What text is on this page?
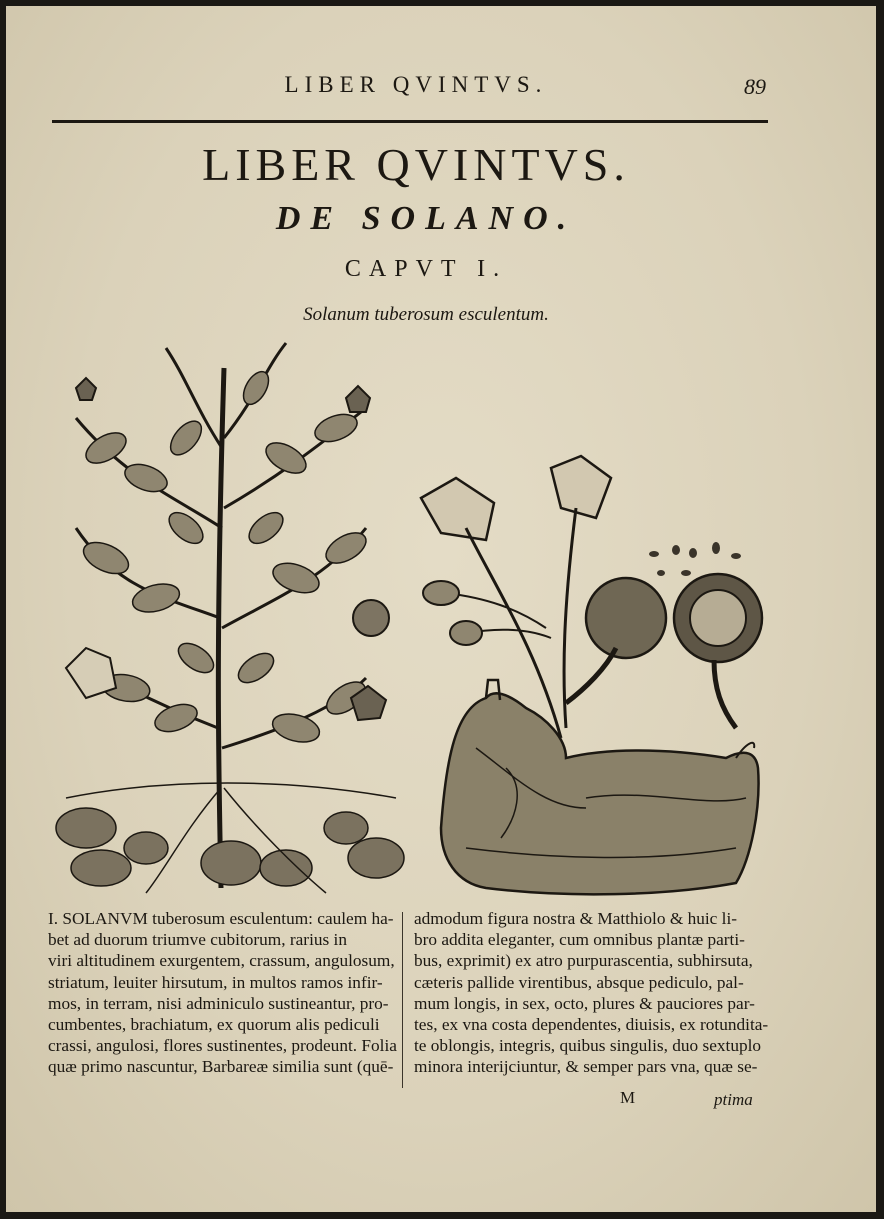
LIBER QVINTVS.	89
LIBER QVINTVS.
DE SOLANO.
CAPVT I.
Solanum tuberosum esculentum.
I. SOLANVM tuberosum esculentum: caulem ha-
bet ad duorum triumve cubitorum, rarius in
viri altitudinem exurgentem, crassum, angulosum,
striatum, leuiter hirsutum, in multos ramos infir-
mos, in terram, nisi adminiculo sustineantur, pro-
cumbentes, brachiatum, ex quorum alis pediculi
crassi, angulosi, flores sustinentes, prodeunt. Folia
quæ primo nascuntur, Barbareæ similia sunt (quē-
admodum figura nostra & Matthiolo & huic li-
bro addita eleganter, cum omnibus plantæ parti-
bus, exprimit) ex atro purpurascentia, subhirsuta,
cæteris pallide virentibus, absque pediculo, pal-
mum longis, in sex, octo, plures & pauciores par-
tes, ex vna costa dependentes, diuisis, ex rotundita-
te oblongis, integris, quibus singulis, duo sextuplo
minora interijciuntur, & semper pars vna, quæ se-
M	ptima
